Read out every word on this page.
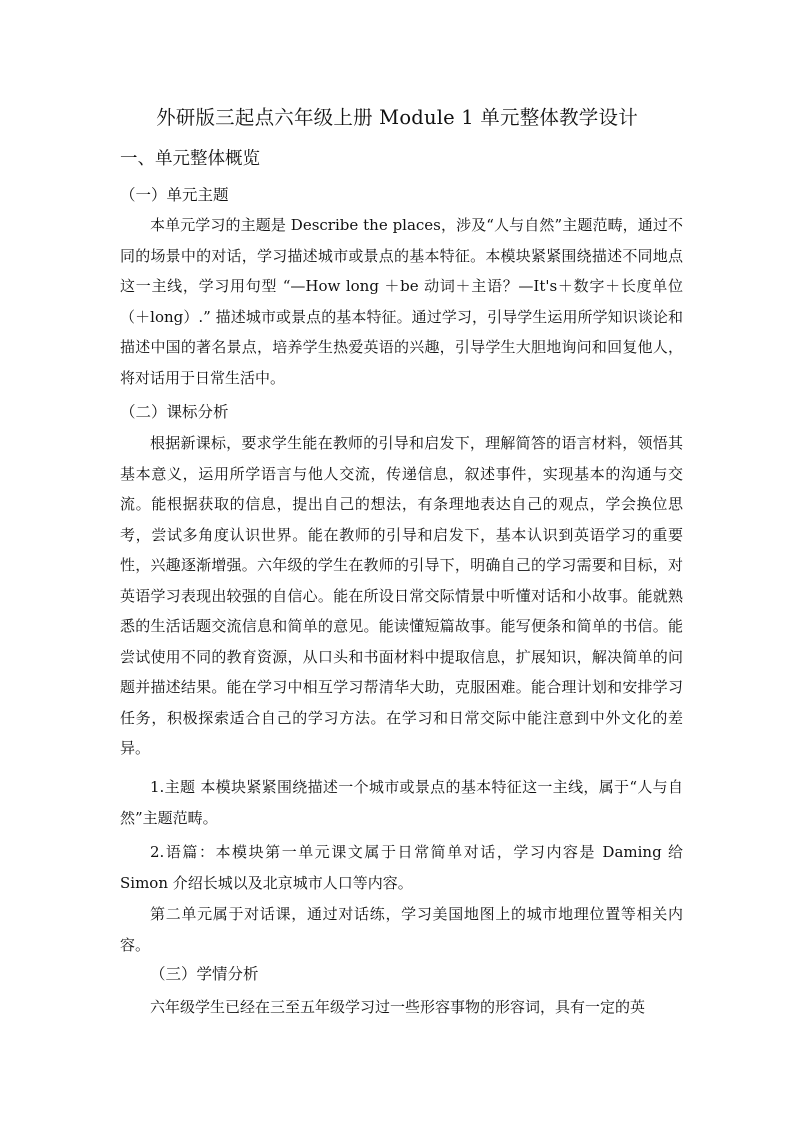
外研版三起点六年级上册 Module 1 单元整体教学设计
一、单元整体概览
（一）单元主题
本单元学习的主题是 Describe the places，涉及“人与自然”主题范畴，通过不同的场景中的对话，学习描述城市或景点的基本特征。本模块紧紧围绕描述不同地点这一主线，学习用句型 “—How long ＋be 动词＋主语？—It's＋数字＋长度单位（＋long）.” 描述城市或景点的基本特征。通过学习，引导学生运用所学知识谈论和描述中国的著名景点，培养学生热爱英语的兴趣，引导学生大胆地询问和回复他人，将对话用于日常生活中。
（二）课标分析
根据新课标，要求学生能在教师的引导和启发下，理解简答的语言材料，领悟其基本意义，运用所学语言与他人交流，传递信息，叙述事件，实现基本的沟通与交流。能根据获取的信息，提出自己的想法，有条理地表达自己的观点，学会换位思考，尝试多角度认识世界。能在教师的引导和启发下，基本认识到英语学习的重要性，兴趣逐渐增强。六年级的学生在教师的引导下，明确自己的学习需要和目标，对英语学习表现出较强的自信心。能在所设日常交际情景中听懂对话和小故事。能就熟悉的生活话题交流信息和简单的意见。能读懂短篇故事。能写便条和简单的书信。能尝试使用不同的教育资源，从口头和书面材料中提取信息，扩展知识，解决简单的问题并描述结果。能在学习中相互学习帮清华大助，克服困难。能合理计划和安排学习任务，积极探索适合自己的学习方法。在学习和日常交际中能注意到中外文化的差异。
1.主题 本模块紧紧围绕描述一个城市或景点的基本特征这一主线，属于“人与自然”主题范畴。
2.语篇：本模块第一单元课文属于日常简单对话，学习内容是 Daming 给 Simon 介绍长城以及北京城市人口等内容。
第二单元属于对话课，通过对话练，学习美国地图上的城市地理位置等相关内容。
（三）学情分析
六年级学生已经在三至五年级学习过一些形容事物的形容词，具有一定的英
